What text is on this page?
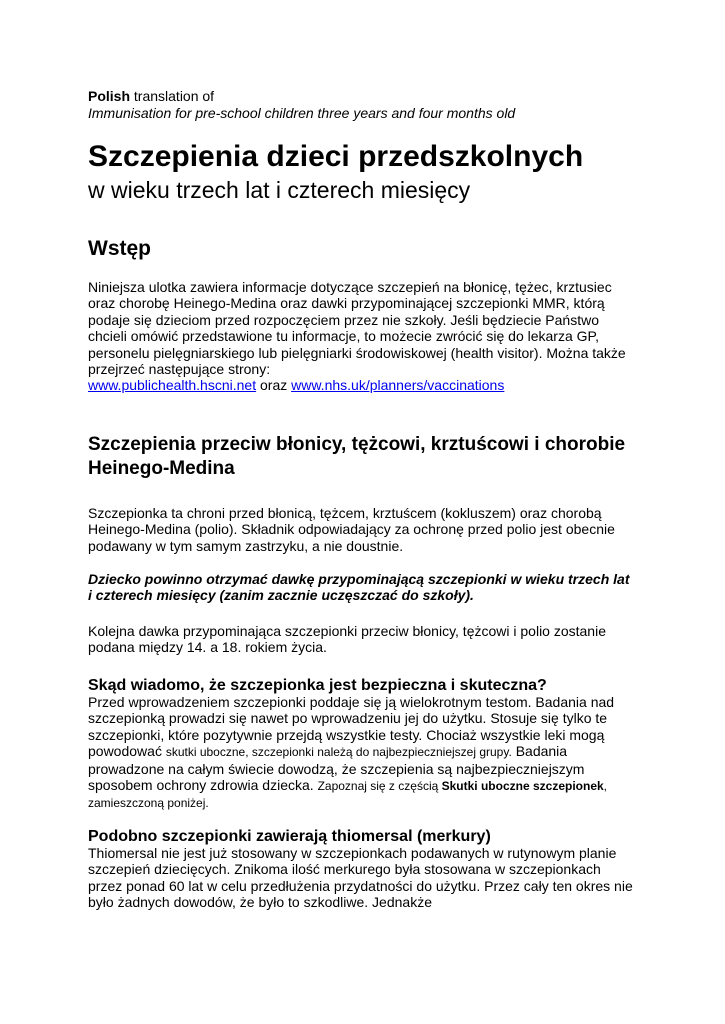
Polish translation of
Immunisation for pre-school children three years and four months old

Szczepienia dzieci przedszkolnych
w wieku trzech lat i czterech miesięcy
Wstęp

Niniejsza ulotka zawiera informacje dotyczące szczepień na błonicę, tężec, krztusiec oraz chorobę Heinego-Medina oraz dawki przypominającej szczepionki MMR, którą podaje się dzieciom przed rozpoczęciem przez nie szkoły. Jeśli będziecie Państwo chcieli omówić przedstawione tu informacje, to możecie zwrócić się do lekarza GP, personelu pielęgniarskiego lub pielęgniarki środowiskowej (health visitor). Można także przejrzeć następujące strony:
www.publichealth.hscni.net oraz www.nhs.uk/planners/vaccinations

Szczepienia przeciw błonicy, tężcowi, krztuścowi i chorobie Heinego-Medina

Szczepionka ta chroni przed błonicą, tężcem, krztuścem (kokluszem) oraz chorobą Heinego-Medina (polio). Składnik odpowiadający za ochronę przed polio jest obecnie podawany w tym samym zastrzyku, a nie doustnie.

Dziecko powinno otrzymać dawkę przypominającą szczepionki w wieku trzech lat i czterech miesięcy (zanim zacznie uczęszczać do szkoły).

Kolejna dawka przypominająca szczepionki przeciw błonicy, tężcowi i polio zostanie podana między 14. a 18. rokiem życia.

Skąd wiadomo, że szczepionka jest bezpieczna i skuteczna?

Przed wprowadzeniem szczepionki poddaje się ją wielokrotnym testom. Badania nad szczepionką prowadzi się nawet po wprowadzeniu jej do użytku. Stosuje się tylko te szczepionki, które pozytywnie przejdą wszystkie testy. Chociaż wszystkie leki mogą powodować skutki uboczne, szczepionki należą do najbezpieczniejszej grupy. Badania prowadzone na całym świecie dowodzą, że szczepienia są najbezpieczniejszym sposobem ochrony zdrowia dziecka. Zapoznaj się z częścią Skutki uboczne szczepionek, zamieszczoną poniżej.

Podobno szczepionki zawierają thiomersal (merkury)

Thiomersal nie jest już stosowany w szczepionkach podawanych w rutynowym planie szczepień dziecięcych. Znikoma ilość merkurego była stosowana w szczepionkach przez ponad 60 lat w celu przedłużenia przydatności do użytku. Przez cały ten okres nie było żadnych dowodów, że było to szkodliwe. Jednakże
